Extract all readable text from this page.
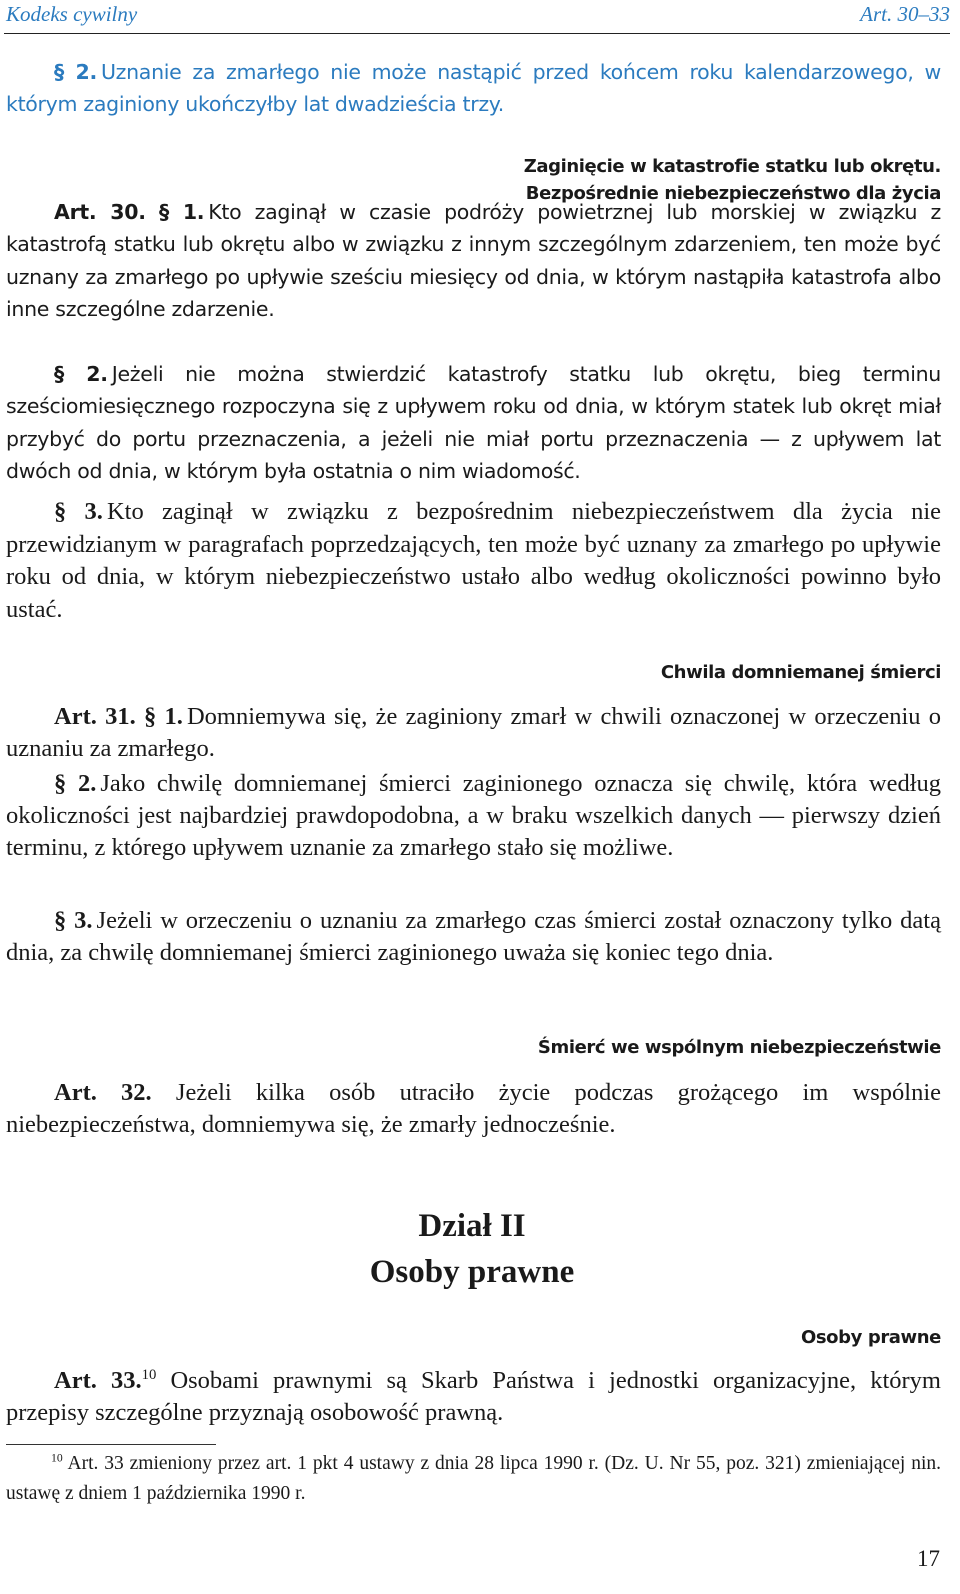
Kodeks cywilny	Art. 30–33
§ 2. Uznanie za zmarłego nie może nastąpić przed końcem roku kalendarzowego, w którym zaginiony ukończyłby lat dwadzieścia trzy.
Zaginięcie w katastrofie statku lub okrętu.
Bezpośrednie niebezpieczeństwo dla życia
Art. 30. § 1. Kto zaginął w czasie podróży powietrznej lub morskiej w związku z katastrofą statku lub okrętu albo w związku z innym szczególnym zdarzeniem, ten może być uznany za zmarłego po upływie sześciu miesięcy od dnia, w którym nastąpiła katastrofa albo inne szczególne zdarzenie.
§ 2. Jeżeli nie można stwierdzić katastrofy statku lub okrętu, bieg terminu sześciomiesięcznego rozpoczyna się z upływem roku od dnia, w którym statek lub okręt miał przybyć do portu przeznaczenia, a jeżeli nie miał portu przeznaczenia — z upływem lat dwóch od dnia, w którym była ostatnia o nim wiadomość.
§ 3. Kto zaginął w związku z bezpośrednim niebezpieczeństwem dla życia nie przewidzianym w paragrafach poprzedzających, ten może być uznany za zmarłego po upływie roku od dnia, w którym niebezpieczeństwo ustało albo według okoliczności powinno było ustać.
Chwila domniemanej śmierci
Art. 31. § 1. Domniemywa się, że zaginiony zmarł w chwili oznaczonej w orzeczeniu o uznaniu za zmarłego.
§ 2. Jako chwilę domniemanej śmierci zaginionego oznacza się chwilę, która według okoliczności jest najbardziej prawdopodobna, a w braku wszelkich danych — pierwszy dzień terminu, z którego upływem uznanie za zmarłego stało się możliwe.
§ 3. Jeżeli w orzeczeniu o uznaniu za zmarłego czas śmierci został oznaczony tylko datą dnia, za chwilę domniemanej śmierci zaginionego uważa się koniec tego dnia.
Śmierć we wspólnym niebezpieczeństwie
Art. 32. Jeżeli kilka osób utraciło życie podczas grożącego im wspólnie niebezpieczeństwa, domniemywa się, że zmarły jednocześnie.
Dział II
Osoby prawne
Osoby prawne
Art. 33.10 Osobami prawnymi są Skarb Państwa i jednostki organizacyjne, którym przepisy szczególne przyznają osobowość prawną.
$^{10}$ Art. 33 zmieniony przez art. 1 pkt 4 ustawy z dnia 28 lipca 1990 r. (Dz. U. Nr 55, poz. 321) zmieniającej nin. ustawę z dniem 1 października 1990 r.
17
